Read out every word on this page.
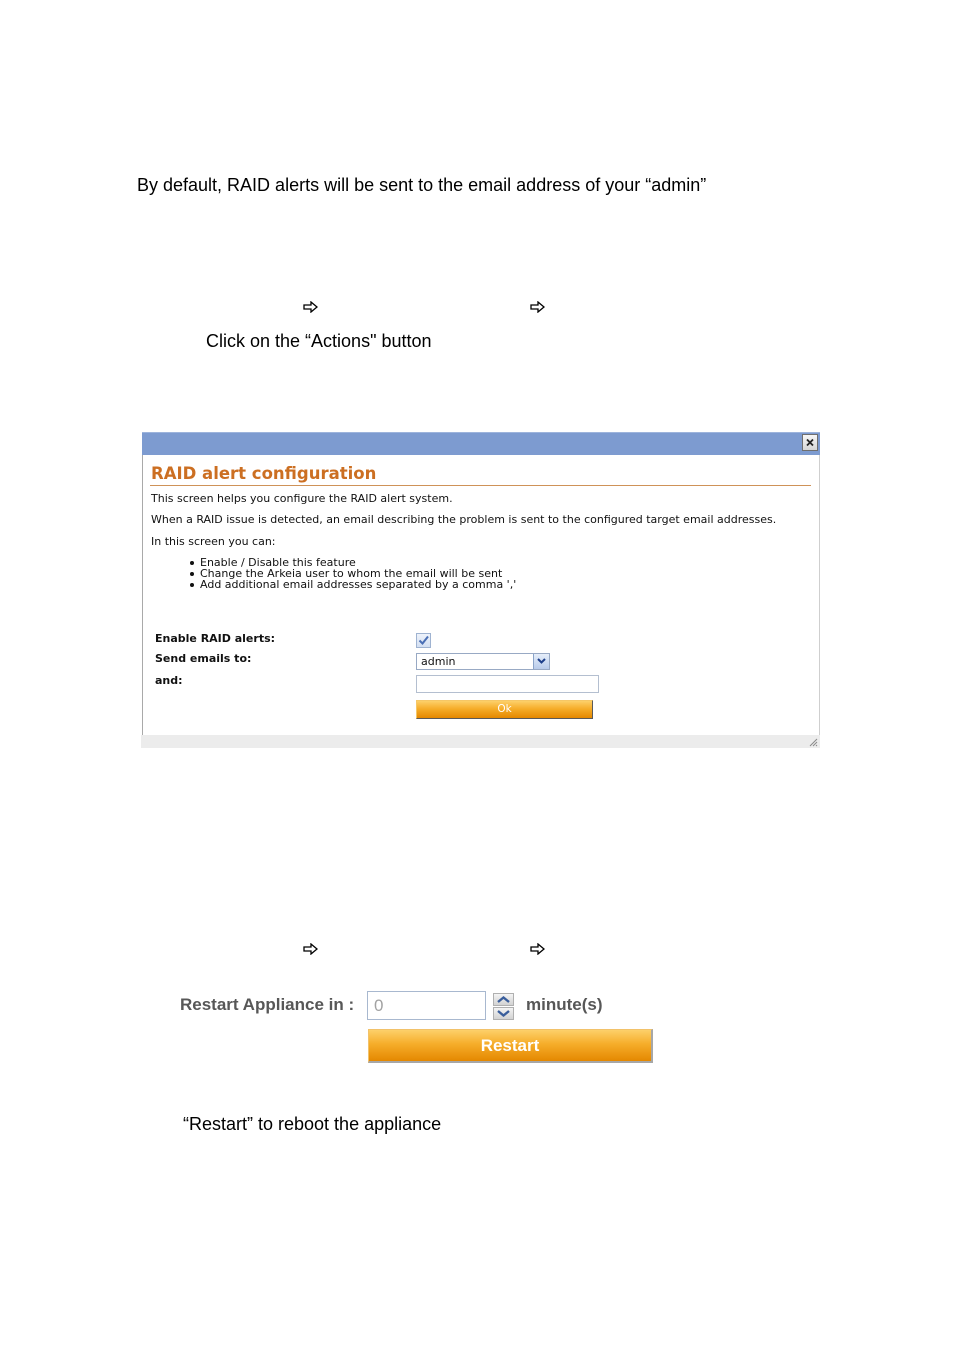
By default, RAID alerts will be sent to the email address of your “admin”
Click on the “Actions" button
RAID alert configuration
This screen helps you configure the RAID alert system.
When a RAID issue is detected, an email describing the problem is sent to the configured target email addresses.
In this screen you can:
Enable / Disable this feature
Change the Arkeia user to whom the email will be sent
Add additional email addresses separated by a comma ','
Enable RAID alerts:
Send emails to:	admin
and:
Ok
Restart Appliance in :
0	minute(s)
Restart
“Restart” to reboot the appliance
